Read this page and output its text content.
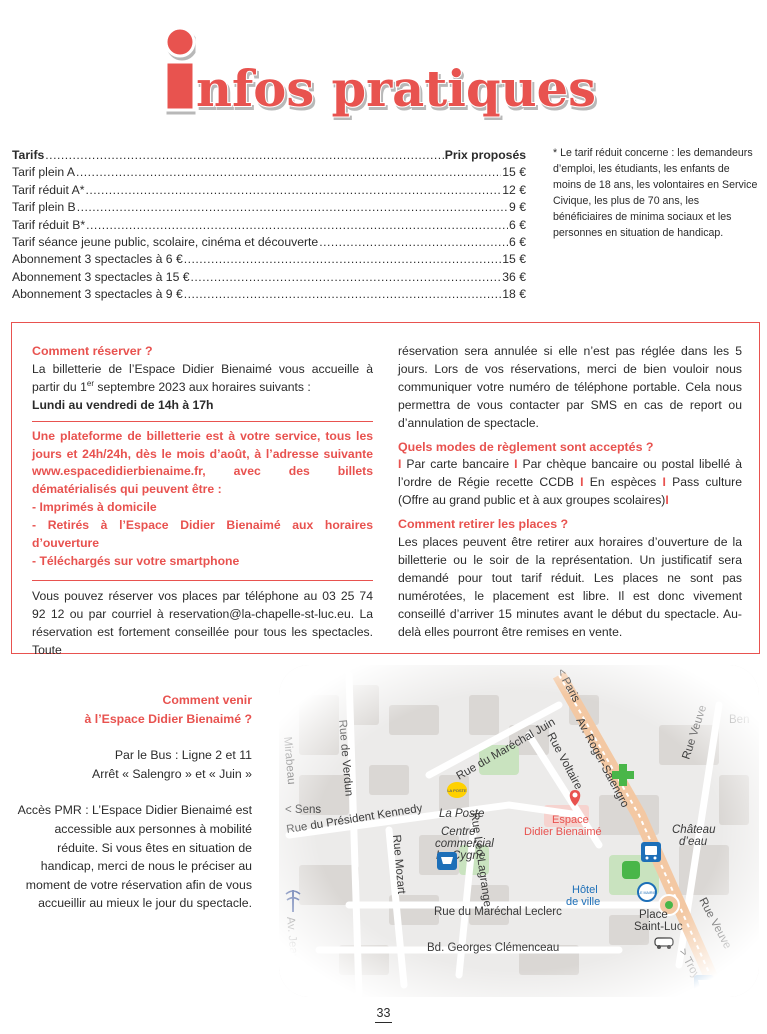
nfos pratiques
Tarifs .....	Prix proposés
Tarif plein A .....	15 €
Tarif réduit A* .....	12 €
Tarif plein B .....	9 €
Tarif réduit B* .....	6 €
Tarif séance jeune public, scolaire, cinéma et découverte .....	6 €
Abonnement 3 spectacles à 6 € .....	15 €
Abonnement 3 spectacles à 15 € .....	36 €
Abonnement 3 spectacles à 9 € .....	18 €
* Le tarif réduit concerne : les demandeurs d’emploi, les étudiants, les enfants de moins de 18 ans, les volontaires en Service Civique, les plus de 70 ans, les bénéficiaires de minima sociaux et les personnes en situation de handicap.
Comment réserver ?

La billetterie de l’Espace Didier Bienaimé vous accueille à partir du 1er septembre 2023 aux horaires suivants :

Lundi au vendredi de 14h à 17h

Une plateforme de billetterie est à votre service, tous les jours et 24h/24h, dès le mois d’août, à l’adresse suivante www.espacedidierbienaime.fr, avec des billets dématérialisés qui peuvent être :

- Imprimés à domicile
- Retirés à l’Espace Didier Bienaimé aux horaires d’ouverture
- Téléchargés sur votre smartphone

Vous pouvez réserver vos places par téléphone au 03 25 74 92 12 ou par courriel à reservation@la-chapelle-st-luc.eu. La réservation est fortement conseillée pour tous les spectacles. Toute

réservation sera annulée si elle n’est pas réglée dans les 5 jours. Lors de vos réservations, merci de bien vouloir nous communiquer votre numéro de téléphone portable. Cela nous permettra de vous contacter par SMS en cas de report ou d’annulation de spectacle.

Quels modes de règlement sont acceptés ?

I Par carte bancaire I Par chèque bancaire ou postal libellé à l’ordre de Régie recette CCDB I En espèces I Pass culture (Offre au grand public et à aux groupes scolaires)I

Comment retirer les places ?

Les places peuvent être retirer aux horaires d’ouverture de la billetterie ou le soir de la représentation. Un justificatif sera demandé pour tout tarif réduit. Les places ne sont pas numérotées, le placement est libre. Il est donc vivement conseillé d’arriver 15 minutes avant le début du spectacle. Au-delà elles pourront être remises en vente.

Comment venir
à l’Espace Didier Bienaimé ?
Par le Bus : Ligne 2 et 11
Arrêt « Salengro » et « Juin »
Accès PMR : L’Espace Didier Bienaimé est accessible aux personnes à mobilité réduite. Si vous êtes en situation de handicap, merci de nous le préciser au moment de votre réservation afin de vous accueillir au mieux le jour du spectacle.
33
